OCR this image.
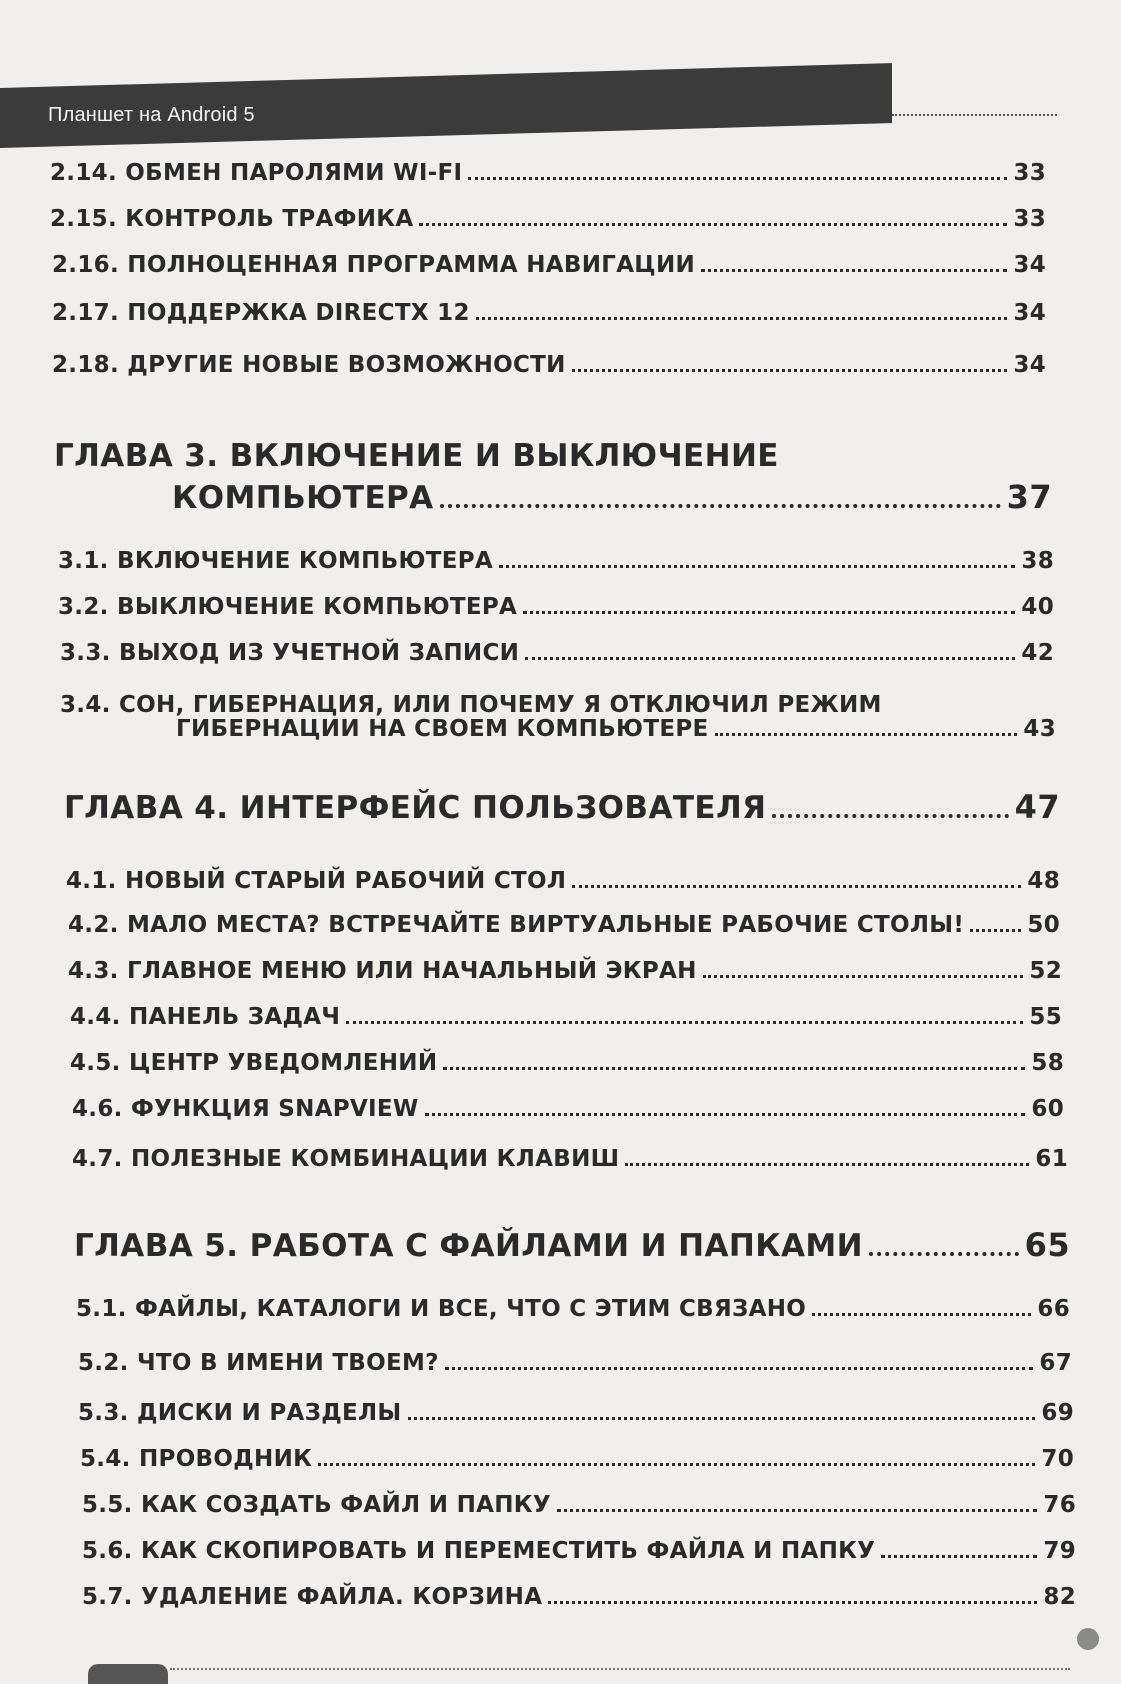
Планшет на Android 5
2.14. ОБМЕН ПАРОЛЯМИ WI-FI	33
2.15. КОНТРОЛЬ ТРАФИКА	33
2.16. ПОЛНОЦЕННАЯ ПРОГРАММА НАВИГАЦИИ	34
2.17. ПОДДЕРЖКА DIRECTX 12	34
2.18. ДРУГИЕ НОВЫЕ ВОЗМОЖНОСТИ	34
ГЛАВА 3. ВКЛЮЧЕНИЕ И ВЫКЛЮЧЕНИЕ
КОМПЬЮТЕРА	37
3.1. ВКЛЮЧЕНИЕ КОМПЬЮТЕРА	38
3.2. ВЫКЛЮЧЕНИЕ КОМПЬЮТЕРА	40
3.3. ВЫХОД ИЗ УЧЕТНОЙ ЗАПИСИ	42
3.4. СОН, ГИБЕРНАЦИЯ, ИЛИ ПОЧЕМУ Я ОТКЛЮЧИЛ РЕЖИМ
ГИБЕРНАЦИИ НА СВОЕМ КОМПЬЮТЕРЕ	43
ГЛАВА 4. ИНТЕРФЕЙС ПОЛЬЗОВАТЕЛЯ	47
4.1. НОВЫЙ СТАРЫЙ РАБОЧИЙ СТОЛ	48
4.2. МАЛО МЕСТА? ВСТРЕЧАЙТЕ ВИРТУАЛЬНЫЕ РАБОЧИЕ СТОЛЫ!	50
4.3. ГЛАВНОЕ МЕНЮ ИЛИ НАЧАЛЬНЫЙ ЭКРАН	52
4.4. ПАНЕЛЬ ЗАДАЧ	55
4.5. ЦЕНТР УВЕДОМЛЕНИЙ	58
4.6. ФУНКЦИЯ SNAPVIEW	60
4.7. ПОЛЕЗНЫЕ КОМБИНАЦИИ КЛАВИШ	61
ГЛАВА 5. РАБОТА С ФАЙЛАМИ И ПАПКАМИ	65
5.1. ФАЙЛЫ, КАТАЛОГИ И ВСЕ, ЧТО С ЭТИМ СВЯЗАНО	66
5.2. ЧТО В ИМЕНИ ТВОЕМ?	67
5.3. ДИСКИ И РАЗДЕЛЫ	69
5.4. ПРОВОДНИК	70
5.5. КАК СОЗДАТЬ ФАЙЛ И ПАПКУ	76
5.6. КАК СКОПИРОВАТЬ И ПЕРЕМЕСТИТЬ ФАЙЛА И ПАПКУ	79
5.7. УДАЛЕНИЕ ФАЙЛА. КОРЗИНА	82
